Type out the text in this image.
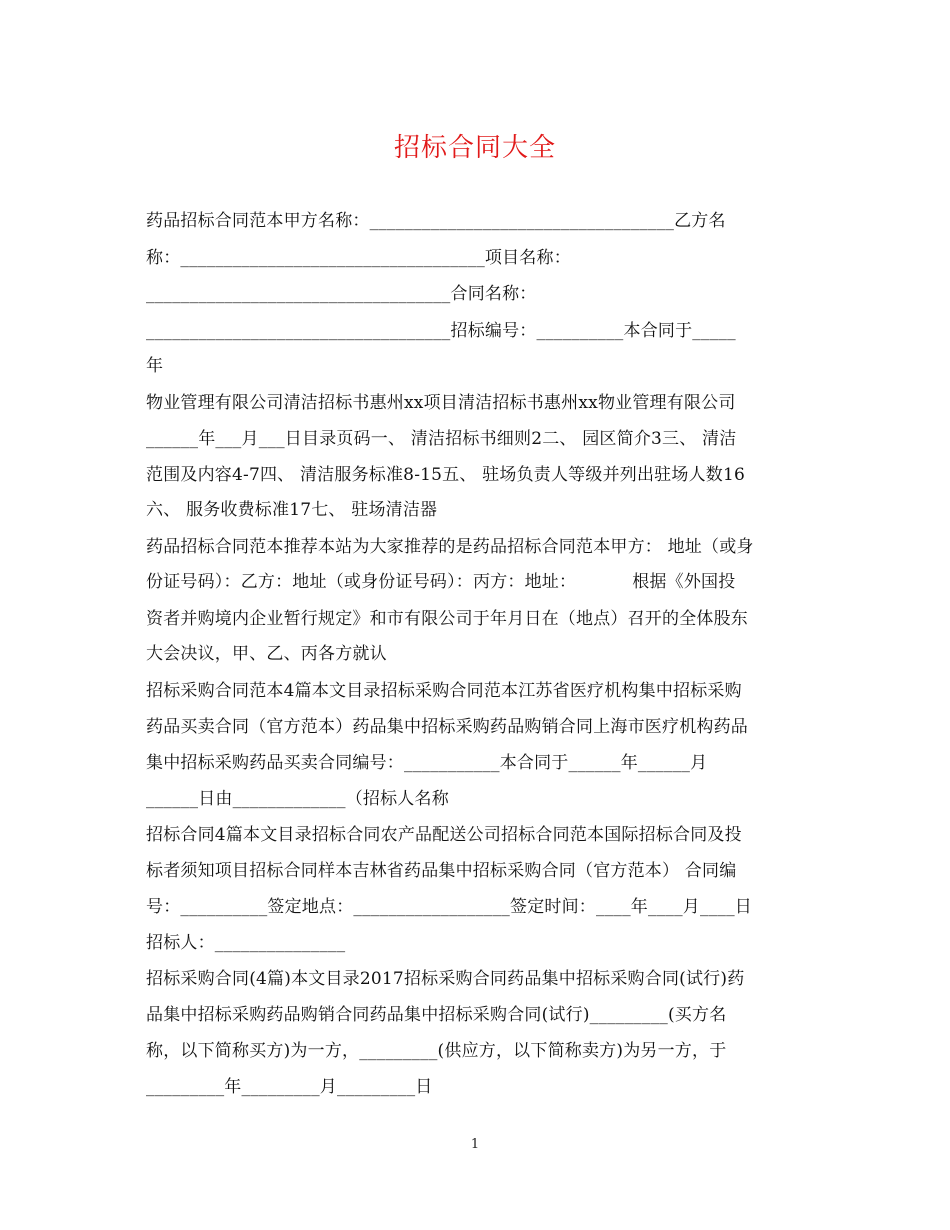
招标合同大全
药品招标合同范本甲方名称：___________________________________乙方名
称：___________________________________项目名称：
___________________________________合同名称：
___________________________________招标编号：__________本合同于_____
年
物业管理有限公司清洁招标书惠州xx项目清洁招标书惠州xx物业管理有限公司
______年___月___日目录页码一、 清洁招标书细则2二、 园区简介3三、 清洁
范围及内容4-7四、 清洁服务标准8-15五、 驻场负责人等级并列出驻场人数16
六、 服务收费标准17七、 驻场清洁器
药品招标合同范本推荐本站为大家推荐的是药品招标合同范本甲方： 地址（或身
份证号码）：乙方：地址（或身份证号码）：丙方：地址：          根据《外国投
资者并购境内企业暂行规定》和市有限公司于年月日在（地点）召开的全体股东
大会决议，甲、乙、丙各方就认
招标采购合同范本4篇本文目录招标采购合同范本江苏省医疗机构集中招标采购
药品买卖合同（官方范本）药品集中招标采购药品购销合同上海市医疗机构药品
集中招标采购药品买卖合同编号：___________本合同于______年______月
______日由_____________（招标人名称
招标合同4篇本文目录招标合同农产品配送公司招标合同范本国际招标合同及投
标者须知项目招标合同样本吉林省药品集中招标采购合同（官方范本） 合同编
号：__________签定地点：__________________签定时间：____年____月____日
招标人：_______________
招标采购合同(4篇)本文目录2017招标采购合同药品集中招标采购合同(试行)药
品集中招标采购药品购销合同药品集中招标采购合同(试行)_________(买方名
称，以下简称买方)为一方，_________(供应方，以下简称卖方)为另一方，于
_________年_________月_________日
1
